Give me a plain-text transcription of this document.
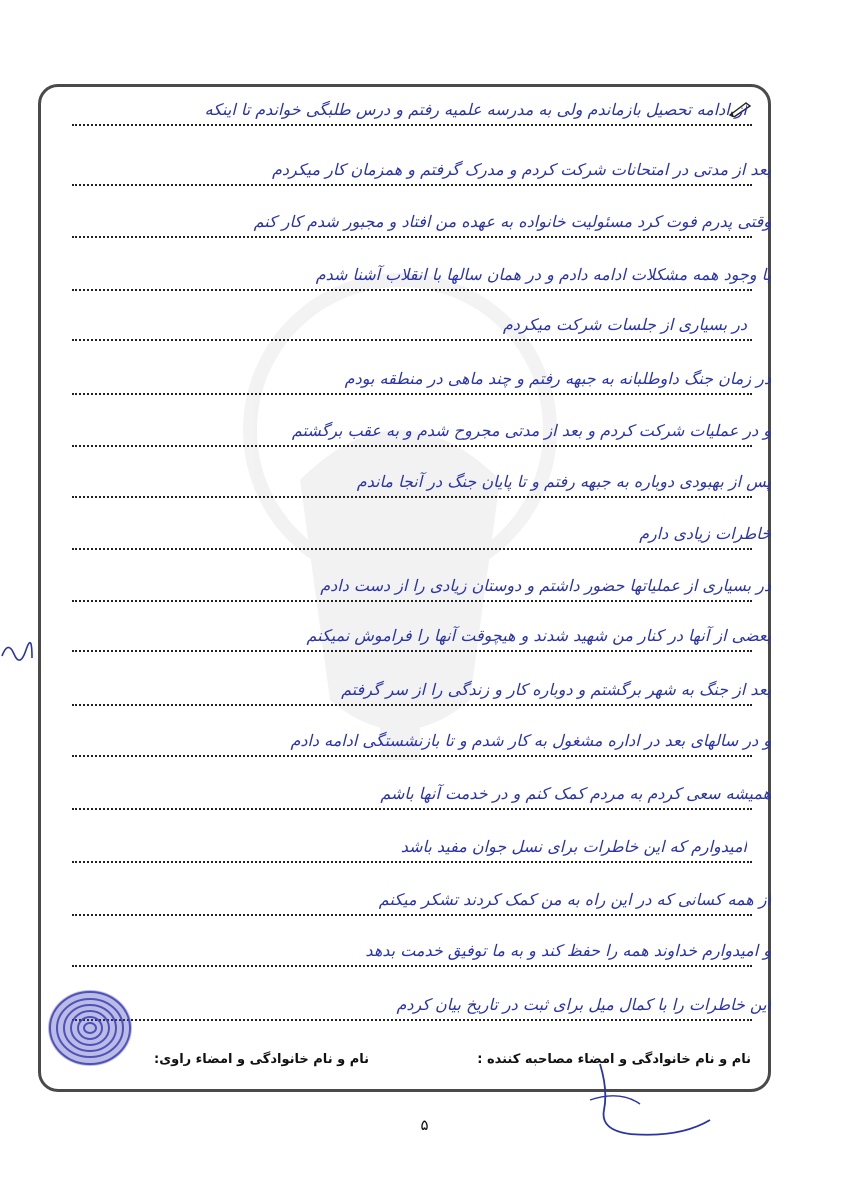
از ادامه تحصیل بازماندم ولی به مدرسه علمیه رفتم و درس طلبگی خواندم تا اینکه
بعد از مدتی در امتحانات شرکت کردم و مدرک گرفتم و همزمان کار میکردم
وقتی پدرم فوت کرد مسئولیت خانواده به عهده من افتاد و مجبور شدم کار کنم
با وجود همه مشکلات ادامه دادم و در همان سالها با انقلاب آشنا شدم
در بسیاری از جلسات شرکت میکردم
در زمان جنگ داوطلبانه به جبهه رفتم و چند ماهی در منطقه بودم
و در عملیات شرکت کردم و بعد از مدتی مجروح شدم و به عقب برگشتم
پس از بهبودی دوباره به جبهه رفتم و تا پایان جنگ در آنجا ماندم
خاطرات زیادی دارم
در بسیاری از عملیاتها حضور داشتم و دوستان زیادی را از دست دادم
بعضی از آنها در کنار من شهید شدند و هیچوقت آنها را فراموش نمیکنم
بعد از جنگ به شهر برگشتم و دوباره کار و زندگی را از سر گرفتم
و در سالهای بعد در اداره مشغول به کار شدم و تا بازنشستگی ادامه دادم
همیشه سعی کردم به مردم کمک کنم و در خدمت آنها باشم
امیدوارم که این خاطرات برای نسل جوان مفید باشد
از همه کسانی که در این راه به من کمک کردند تشکر میکنم
و امیدوارم خداوند همه را حفظ کند و به ما توفیق خدمت بدهد
این خاطرات را با کمال میل برای ثبت در تاریخ بیان کردم
نام و نام خانوادگی و امضاء مصاحبه کننده :
نام و نام خانوادگی و امضاء راوی:
۵
